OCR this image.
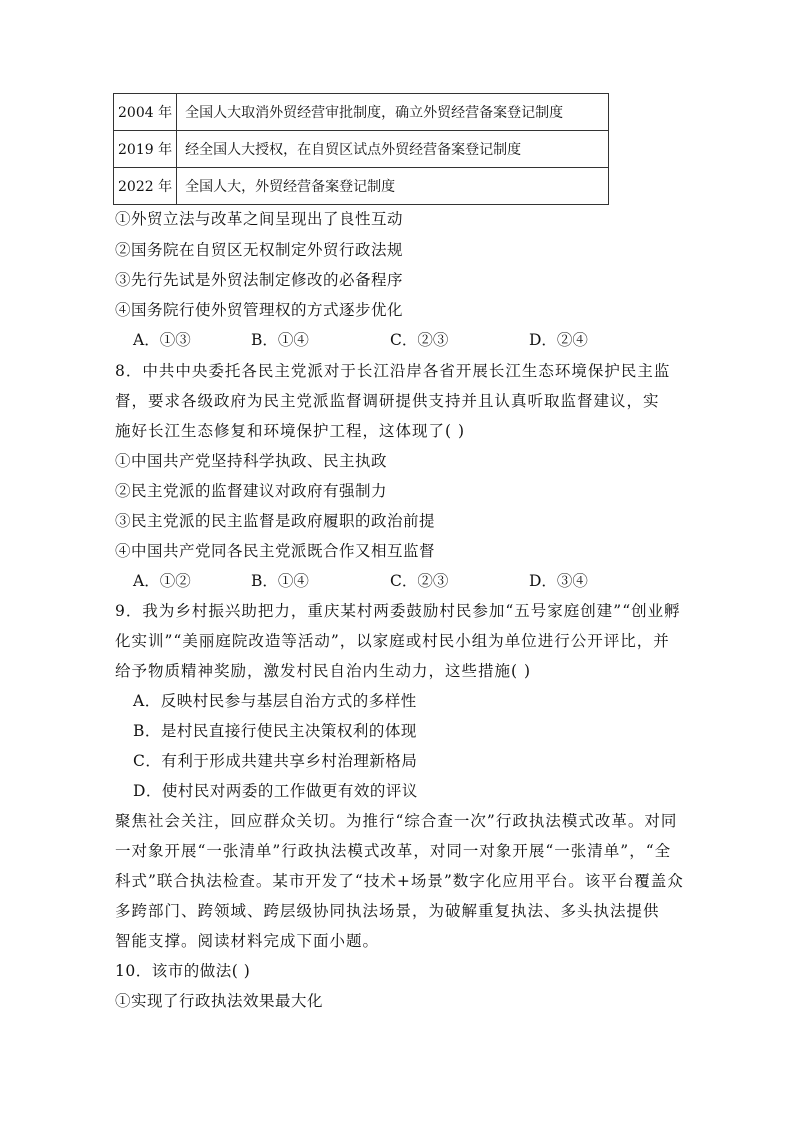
2004 年	全国人大取消外贸经营审批制度，确立外贸经营备案登记制度
2019 年	经全国人大授权，在自贸区试点外贸经营备案登记制度
2022 年	全国人大，外贸经营备案登记制度
①外贸立法与改革之间呈现出了良性互动
②国务院在自贸区无权制定外贸行政法规
③先行先试是外贸法制定修改的必备程序
④国务院行使外贸管理权的方式逐步优化
A．①③	B．①④	C．②③	D．②④
8．中共中央委托各民主党派对于长江沿岸各省开展长江生态环境保护民主监
督，要求各级政府为民主党派监督调研提供支持并且认真听取监督建议，实
施好长江生态修复和环境保护工程，这体现了( )
①中国共产党坚持科学执政、民主执政
②民主党派的监督建议对政府有强制力
③民主党派的民主监督是政府履职的政治前提
④中国共产党同各民主党派既合作又相互监督
A．①②	B．①④	C．②③	D．③④
9．我为乡村振兴助把力，重庆某村两委鼓励村民参加“五号家庭创建”“创业孵
化实训”“美丽庭院改造等活动”，以家庭或村民小组为单位进行公开评比，并
给予物质精神奖励，激发村民自治内生动力，这些措施( )
A．反映村民参与基层自治方式的多样性
B．是村民直接行使民主决策权利的体现
C．有利于形成共建共享乡村治理新格局
D．使村民对两委的工作做更有效的评议
聚焦社会关注，回应群众关切。为推行“综合查一次”行政执法模式改革。对同
一对象开展“一张清单”行政执法模式改革，对同一对象开展“一张清单”，“全
科式”联合执法检查。某市开发了“技术+场景”数字化应用平台。该平台覆盖众
多跨部门、跨领域、跨层级协同执法场景，为破解重复执法、多头执法提供
智能支撑。阅读材料完成下面小题。
10．该市的做法( )
①实现了行政执法效果最大化
